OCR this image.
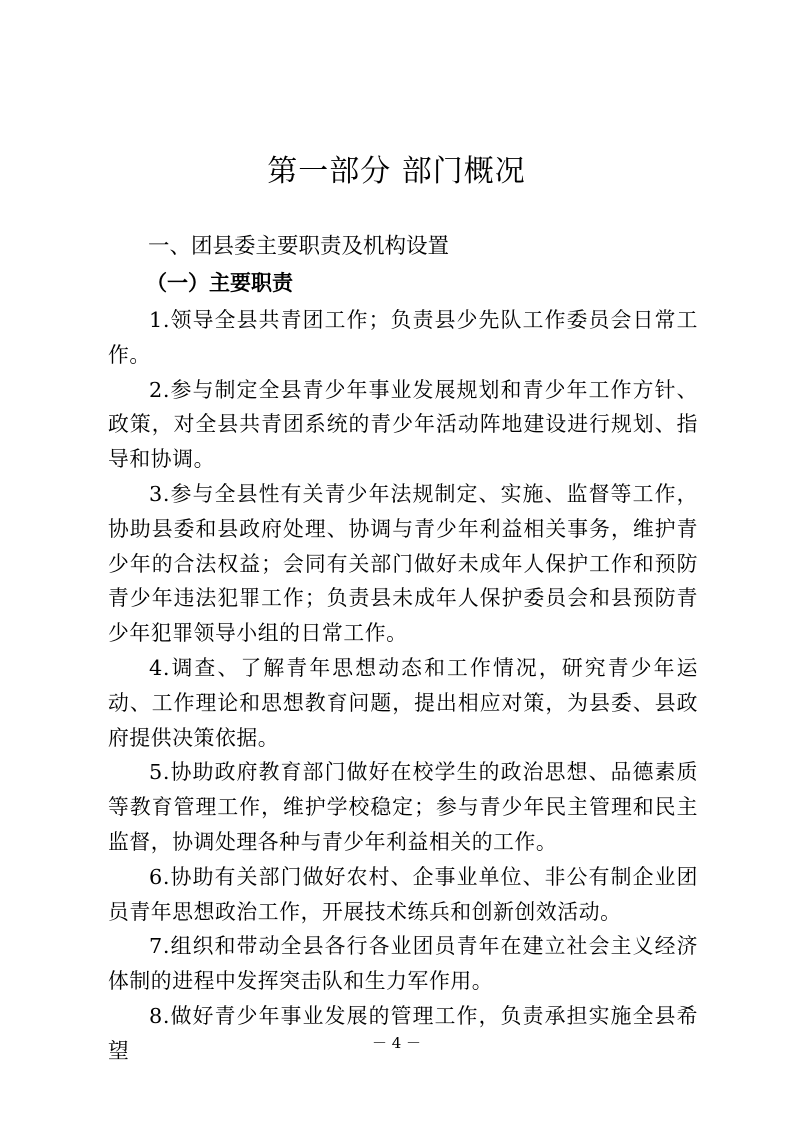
第一部分 部门概况
一、团县委主要职责及机构设置
（一）主要职责

1.领导全县共青团工作；负责县少先队工作委员会日常工作。

2.参与制定全县青少年事业发展规划和青少年工作方针、政策，对全县共青团系统的青少年活动阵地建设进行规划、指导和协调。

3.参与全县性有关青少年法规制定、实施、监督等工作，协助县委和县政府处理、协调与青少年利益相关事务，维护青少年的合法权益；会同有关部门做好未成年人保护工作和预防青少年违法犯罪工作；负责县未成年人保护委员会和县预防青少年犯罪领导小组的日常工作。

4.调查、了解青年思想动态和工作情况，研究青少年运动、工作理论和思想教育问题，提出相应对策，为县委、县政府提供决策依据。

5.协助政府教育部门做好在校学生的政治思想、品德素质等教育管理工作，维护学校稳定；参与青少年民主管理和民主监督，协调处理各种与青少年利益相关的工作。

6.协助有关部门做好农村、企事业单位、非公有制企业团员青年思想政治工作，开展技术练兵和创新创效活动。

7.组织和带动全县各行各业团员青年在建立社会主义经济体制的进程中发挥突击队和生力军作用。

8.做好青少年事业发展的管理工作，负责承担实施全县希望	－ 4 －
